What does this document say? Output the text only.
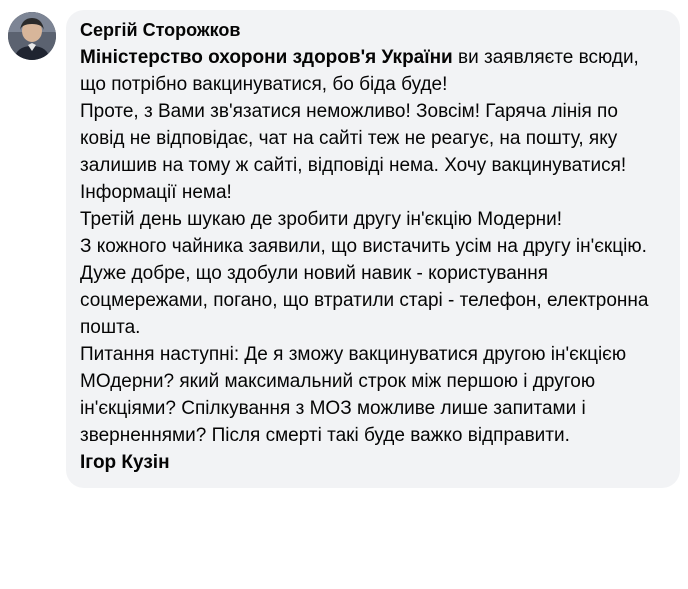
Сергій Сторожков

Міністерство охорони здоров'я України ви заявляєте всюди, що потрібно вакцинуватися, бо біда буде!

Проте, з Вами зв'язатися неможливо! Зовсім! Гаряча лінія по ковід не відповідає, чат на сайті теж не реагує, на пошту, яку залишив на тому ж сайті, відповіді нема. Хочу вакцинуватися! Інформації нема!

Третій день шукаю де зробити другу ін'єкцію Модерни!

З кожного чайника заявили, що вистачить усім на другу ін'єкцію.

Дуже добре, що здобули новий навик - користування соцмережами, погано, що втратили старі - телефон, електронна пошта.

Питання наступні: Де я зможу вакцинуватися другою ін'єкцією МОдерни? який максимальний строк між першою і другою ін'єкціями? Спілкування з МОЗ можливе лише запитами і зверненнями? Після смерті такі буде важко відправити.

Ігор Кузін
